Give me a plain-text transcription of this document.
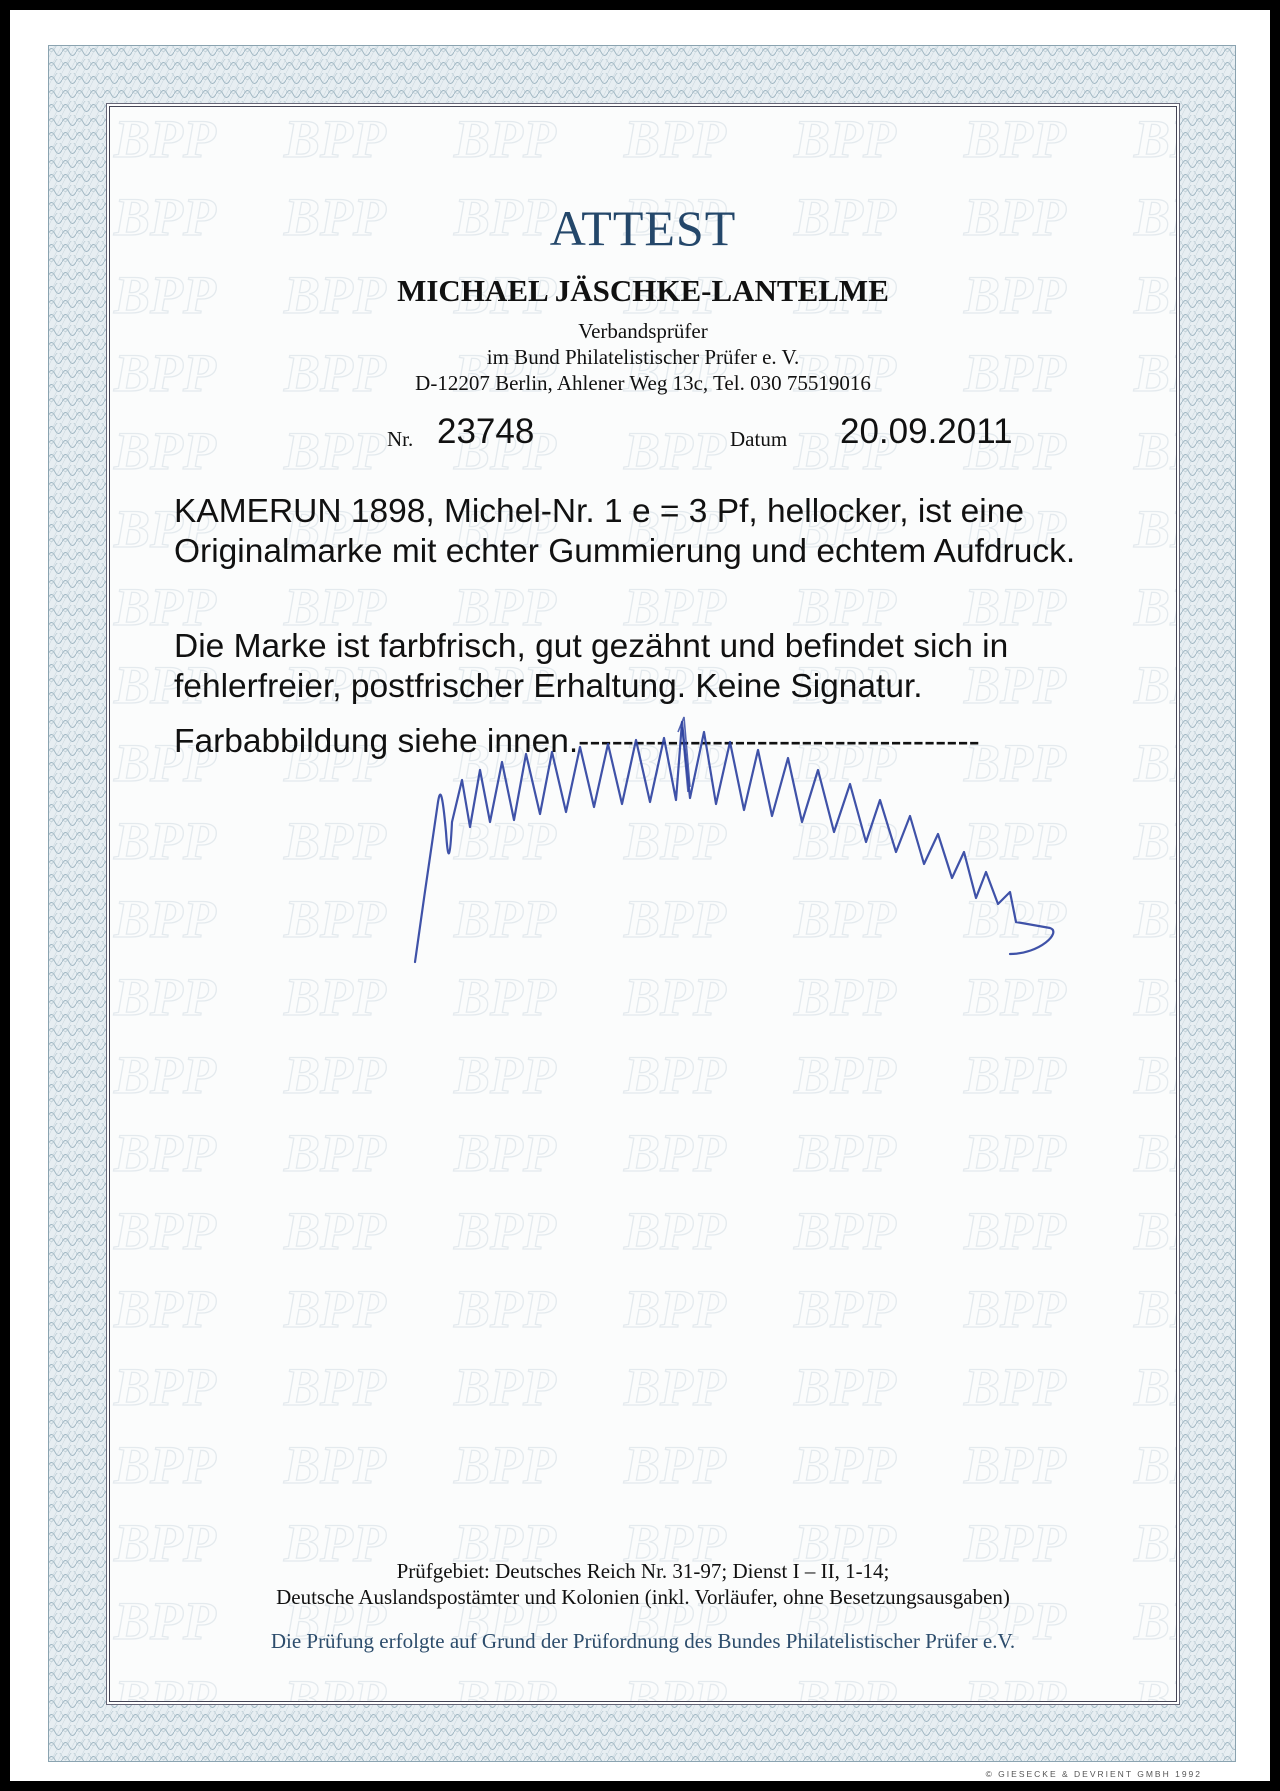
ATTEST
MICHAEL JÄSCHKE-LANTELME
Verbandsprüfer
im Bund Philatelistischer Prüfer e. V.
D-12207 Berlin, Ahlener Weg 13c, Tel. 030 75519016
Nr. 23748	Datum 20.09.2011
KAMERUN 1898, Michel-Nr. 1 e = 3 Pf, hellocker, ist eine Originalmarke mit echter Gummierung und echtem Aufdruck.
Die Marke ist farbfrisch, gut gezähnt und befindet sich in fehlerfreier, postfrischer Erhaltung. Keine Signatur.
Farbabbildung siehe innen.------------------------------------
Prüfgebiet: Deutsches Reich Nr. 31-97; Dienst I – II, 1-14;
Deutsche Auslandspostämter und Kolonien (inkl. Vorläufer, ohne Besetzungsausgaben)
Die Prüfung erfolgte auf Grund der Prüfordnung des Bundes Philatelistischer Prüfer e.V.
© GIESECKE & DEVRIENT GMBH 1992
